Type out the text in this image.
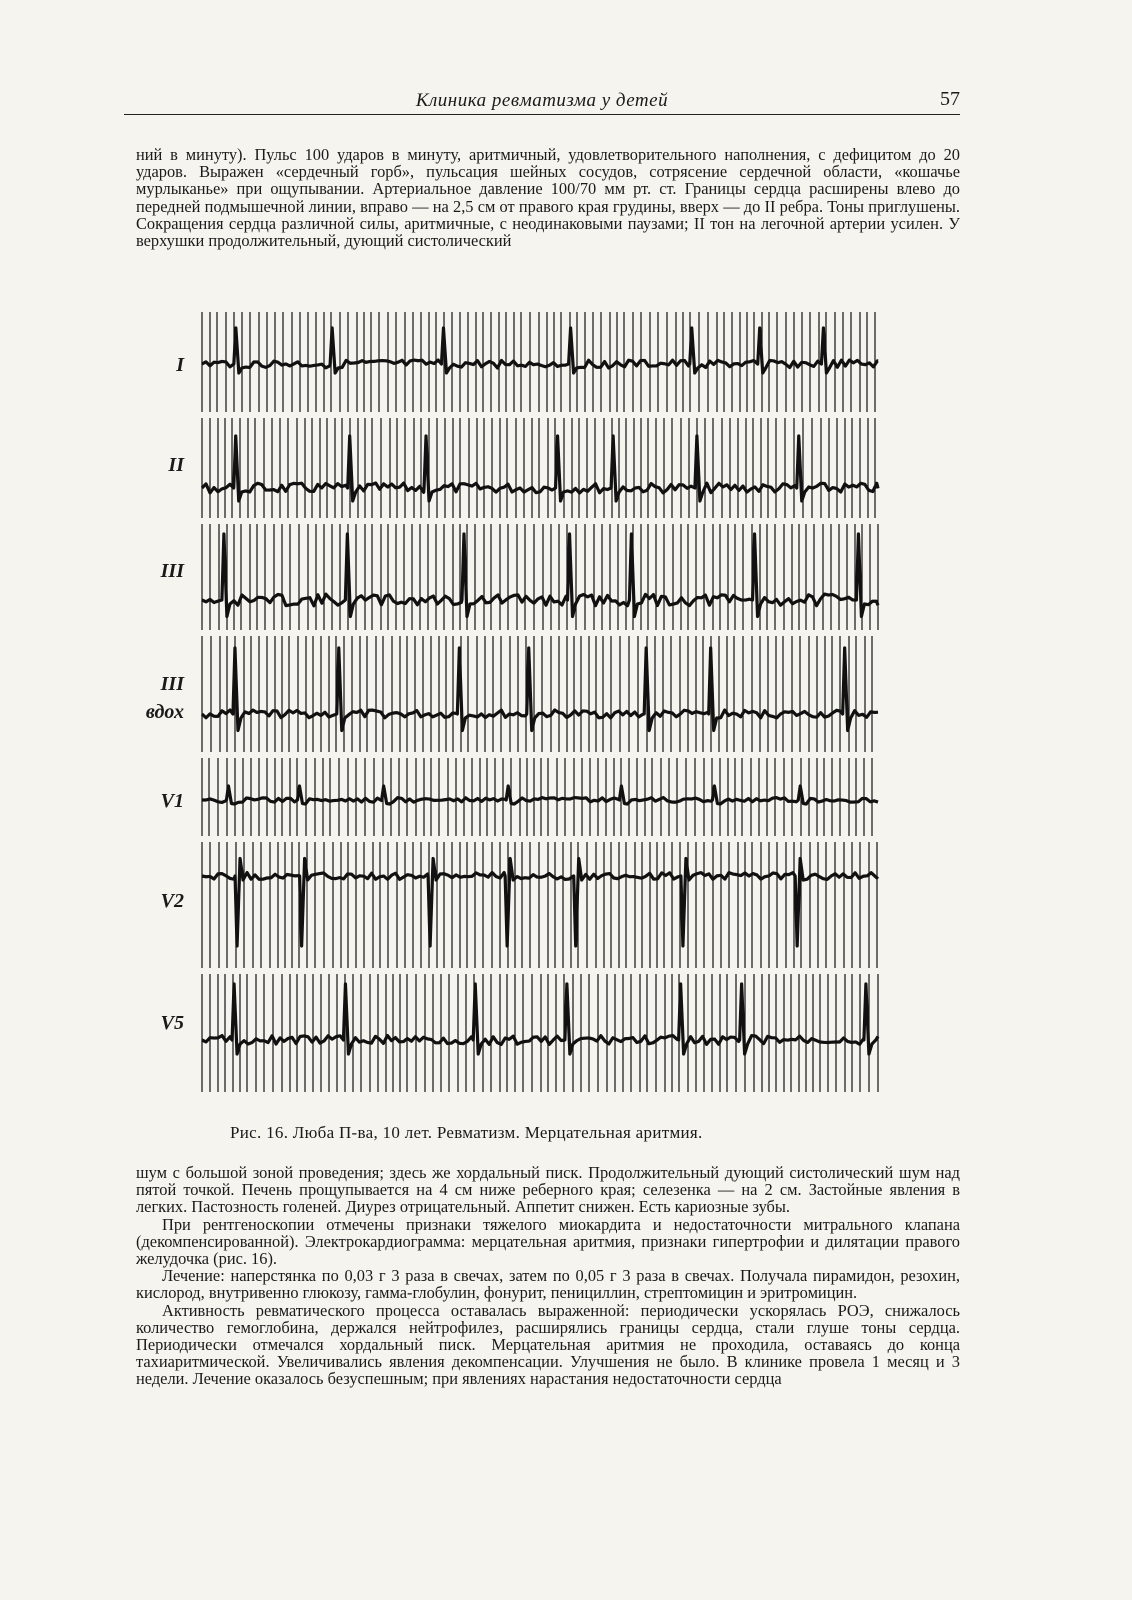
Клиника ревматизма у детей	57

ний в минуту). Пульс 100 ударов в минуту, аритмичный, удовлетворительного наполнения, с дефицитом до 20 ударов. Выражен «сердечный горб», пульсация шейных сосудов, сотрясение сердечной области, «кошачье мурлыканье» при ощупывании. Артериальное давление 100/70 мм рт. ст. Границы сердца расширены влево до передней подмышечной линии, вправо — на 2,5 см от правого края грудины, вверх — до II ребра. Тоны приглушены. Сокращения сердца различной силы, аритмичные, с неодинаковыми паузами; II тон на легочной артерии усилен. У верхушки продолжительный, дующий систолический

I
II
III
III вдох
V1
V2
V5
Рис. 16. Люба П-ва, 10 лет. Ревматизм. Мерцательная аритмия.

шум с большой зоной проведения; здесь же хордальный писк. Продолжительный дующий систолический шум над пятой точкой. Печень прощупывается на 4 см ниже реберного края; селезенка — на 2 см. Застойные явления в легких. Пастозность голеней. Диурез отрицательный. Аппетит снижен. Есть кариозные зубы.

При рентгеноскопии отмечены признаки тяжелого миокардита и недостаточности митрального клапана (декомпенсированной). Электрокардиограмма: мерцательная аритмия, признаки гипертрофии и дилятации правого желудочка (рис. 16).

Лечение: наперстянка по 0,03 г 3 раза в свечах, затем по 0,05 г 3 раза в свечах. Получала пирамидон, резохин, кислород, внутривенно глюкозу, гамма-глобулин, фонурит, пенициллин, стрептомицин и эритромицин.

Активность ревматического процесса оставалась выраженной: периодически ускорялась РОЭ, снижалось количество гемоглобина, держался нейтрофилез, расширялись границы сердца, стали глуше тоны сердца. Периодически отмечался хордальный писк. Мерцательная аритмия не проходила, оставаясь до конца тахиаритмической. Увеличивались явления декомпенсации. Улучшения не было. В клинике провела 1 месяц и 3 недели. Лечение оказалось безуспешным; при явлениях нарастания недостаточности сердца
